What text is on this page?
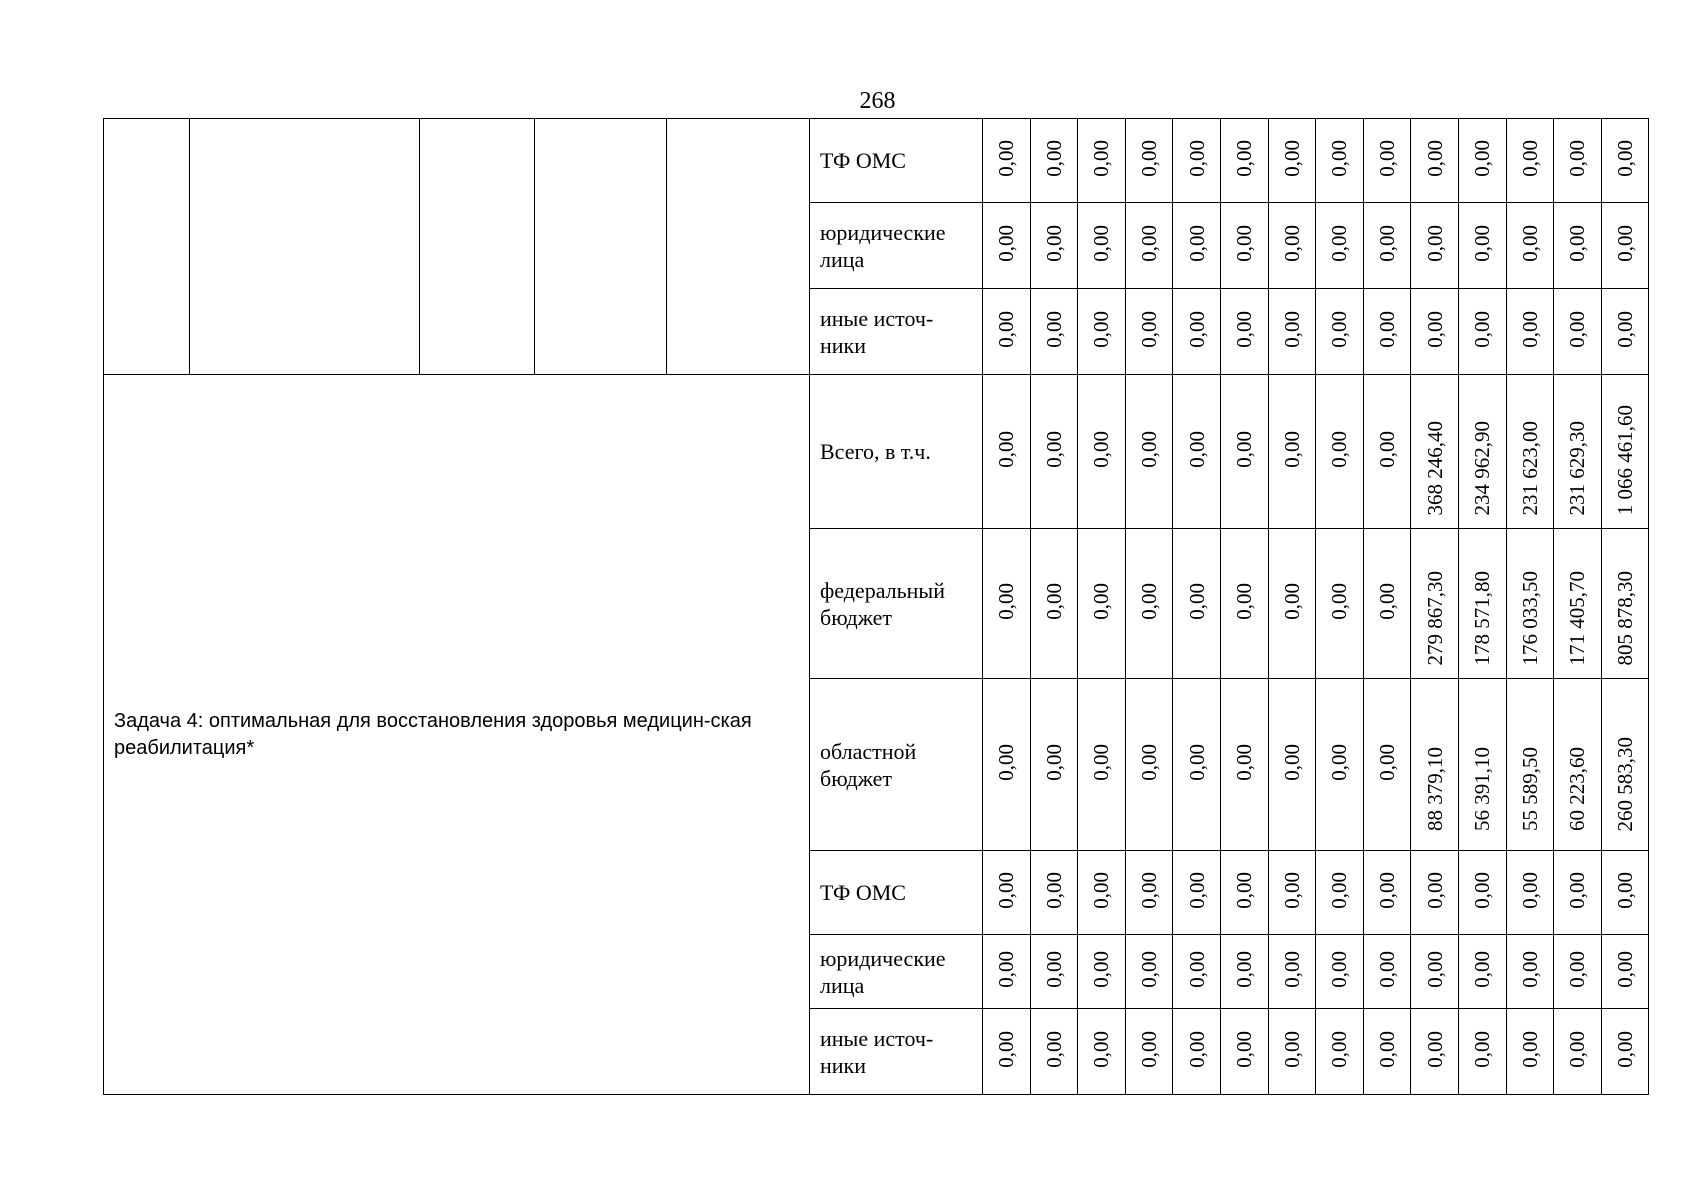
268
					ТФ ОМС	0,00	0,00	0,00	0,00	0,00	0,00	0,00	0,00	0,00	0,00	0,00	0,00	0,00	0,00
					юридические лица	0,00	0,00	0,00	0,00	0,00	0,00	0,00	0,00	0,00	0,00	0,00	0,00	0,00	0,00
					иные источ-ники	0,00	0,00	0,00	0,00	0,00	0,00	0,00	0,00	0,00	0,00	0,00	0,00	0,00	0,00
Задача 4: оптимальная для восстановления здоровья медицин-ская реабилитация*					Всего, в т.ч.	0,00	0,00	0,00	0,00	0,00	0,00	0,00	0,00	0,00	368 246,40	234 962,90	231 623,00	231 629,30	1 066 461,60
					федеральный бюджет	0,00	0,00	0,00	0,00	0,00	0,00	0,00	0,00	0,00	279 867,30	178 571,80	176 033,50	171 405,70	805 878,30
					областной бюджет	0,00	0,00	0,00	0,00	0,00	0,00	0,00	0,00	0,00	88 379,10	56 391,10	55 589,50	60 223,60	260 583,30
					ТФ ОМС	0,00	0,00	0,00	0,00	0,00	0,00	0,00	0,00	0,00	0,00	0,00	0,00	0,00	0,00
					юридические лица	0,00	0,00	0,00	0,00	0,00	0,00	0,00	0,00	0,00	0,00	0,00	0,00	0,00	0,00
					иные источ-ники	0,00	0,00	0,00	0,00	0,00	0,00	0,00	0,00	0,00	0,00	0,00	0,00	0,00	0,00
